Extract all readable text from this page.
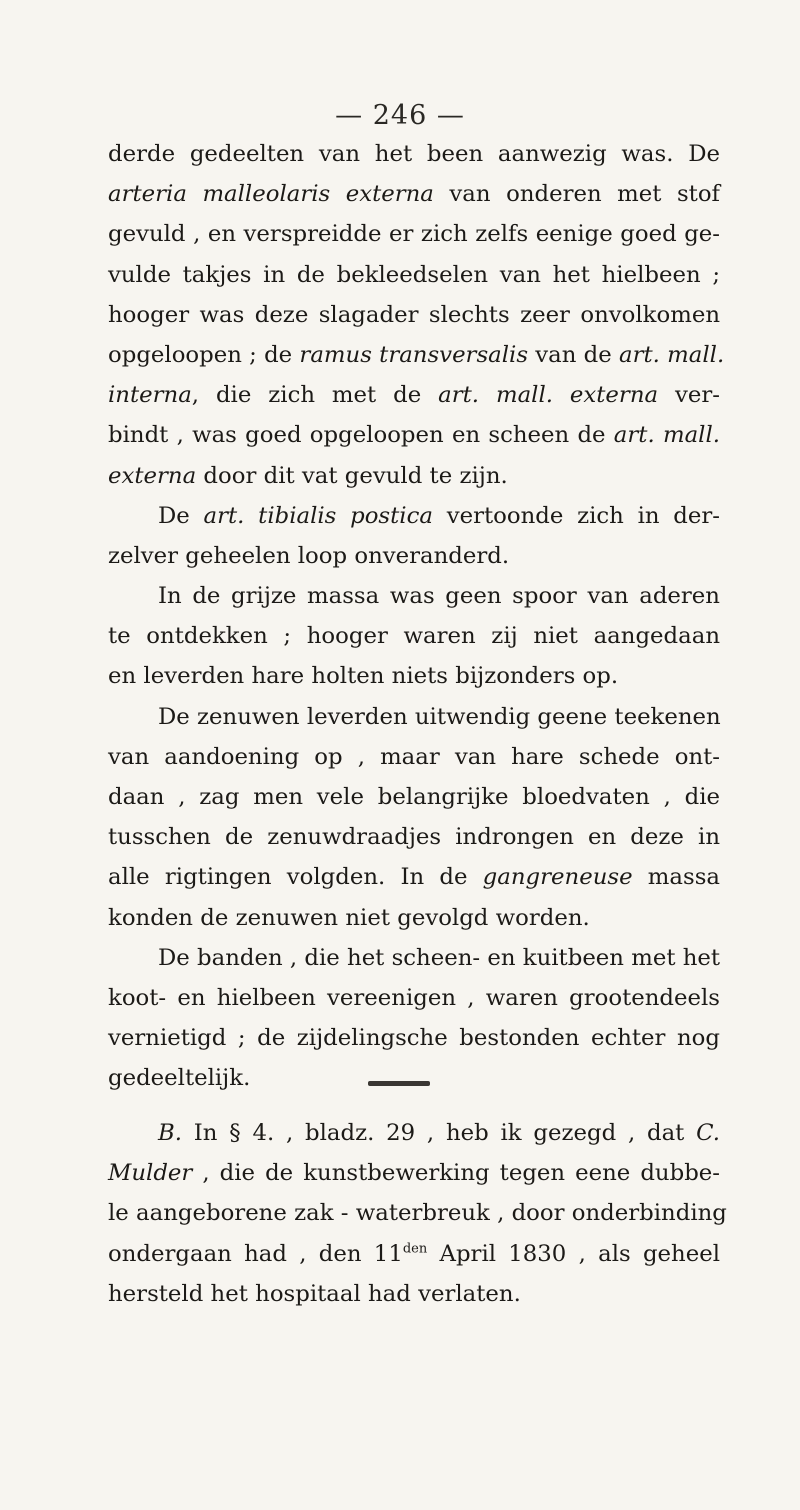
— 246 —
derde gedeelten van het been aanwezig was. De
arteria malleolaris externa van onderen met stof
gevuld , en verspreidde er zich zelfs eenige goed ge-
vulde takjes in de bekleedselen van het hielbeen ;
hooger was deze slagader slechts zeer onvolkomen
opgeloopen ; de ramus transversalis van de art. mall.
interna, die zich met de art. mall. externa ver-
bindt , was goed opgeloopen en scheen de art. mall.
externa door dit vat gevuld te zijn.
De art. tibialis postica vertoonde zich in der-
zelver geheelen loop onveranderd.
In de grijze massa was geen spoor van aderen
te ontdekken ; hooger waren zij niet aangedaan
en leverden hare holten niets bijzonders op.
De zenuwen leverden uitwendig geene teekenen
van aandoening op , maar van hare schede ont-
daan , zag men vele belangrijke bloedvaten , die
tusschen de zenuwdraadjes indrongen en deze in
alle rigtingen volgden. In de gangreneuse massa
konden de zenuwen niet gevolgd worden.
De banden , die het scheen- en kuitbeen met het
koot- en hielbeen vereenigen , waren grootendeels
vernietigd ; de zijdelingsche bestonden echter nog
gedeeltelijk.
B. In § 4. , bladz. 29 , heb ik gezegd , dat C.
Mulder , die de kunstbewerking tegen eene dubbe-
le aangeborene zak - waterbreuk , door onderbinding
ondergaan had , den $11^{den}$ April 1830 , als geheel
hersteld het hospitaal had verlaten.
